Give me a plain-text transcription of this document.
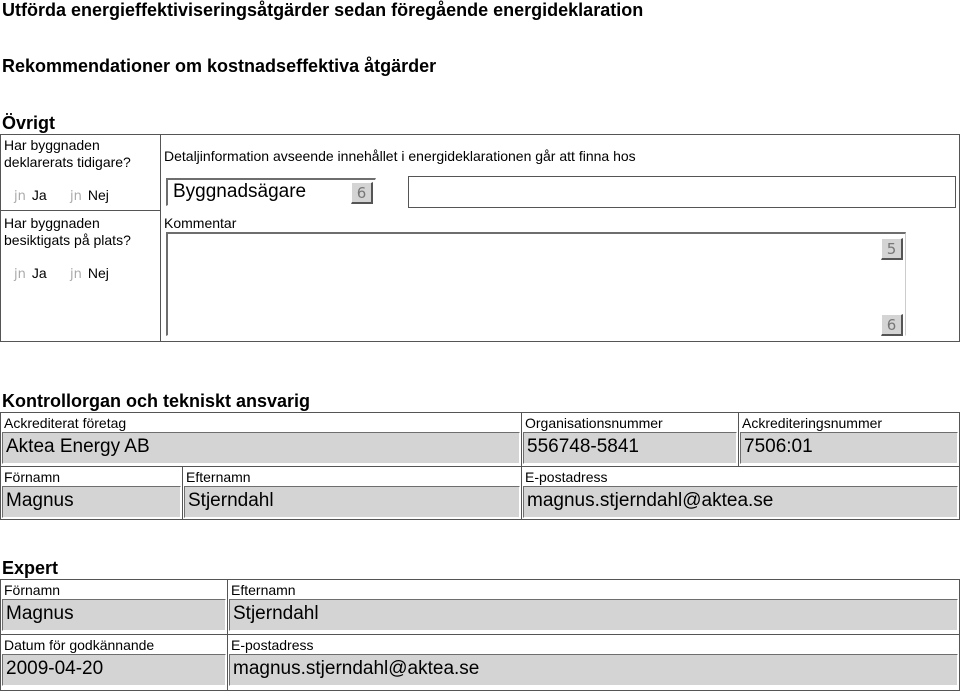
Utförda energieffektiviseringsåtgärder sedan föregående energideklaration
Rekommendationer om kostnadseffektiva åtgärder
Övrigt
Har byggnaden deklarerats tidigare?
jn Ja jn Nej
Har byggnaden besiktigats på plats?
jn Ja jn Nej
Detaljinformation avseende innehållet i energideklarationen går att finna hos
Byggnadsägare	6
Kommentar
5
6
Kontrollorgan och tekniskt ansvarig
Ackrediterat företag
Aktea Energy AB
Organisationsnummer
556748-5841
Ackrediteringsnummer
7506:01
Förnamn
Magnus
Efternamn
Stjerndahl
E-postadress
magnus.stjerndahl@aktea.se
Expert
Förnamn
Magnus
Efternamn
Stjerndahl
Datum för godkännande
2009-04-20
E-postadress
magnus.stjerndahl@aktea.se
